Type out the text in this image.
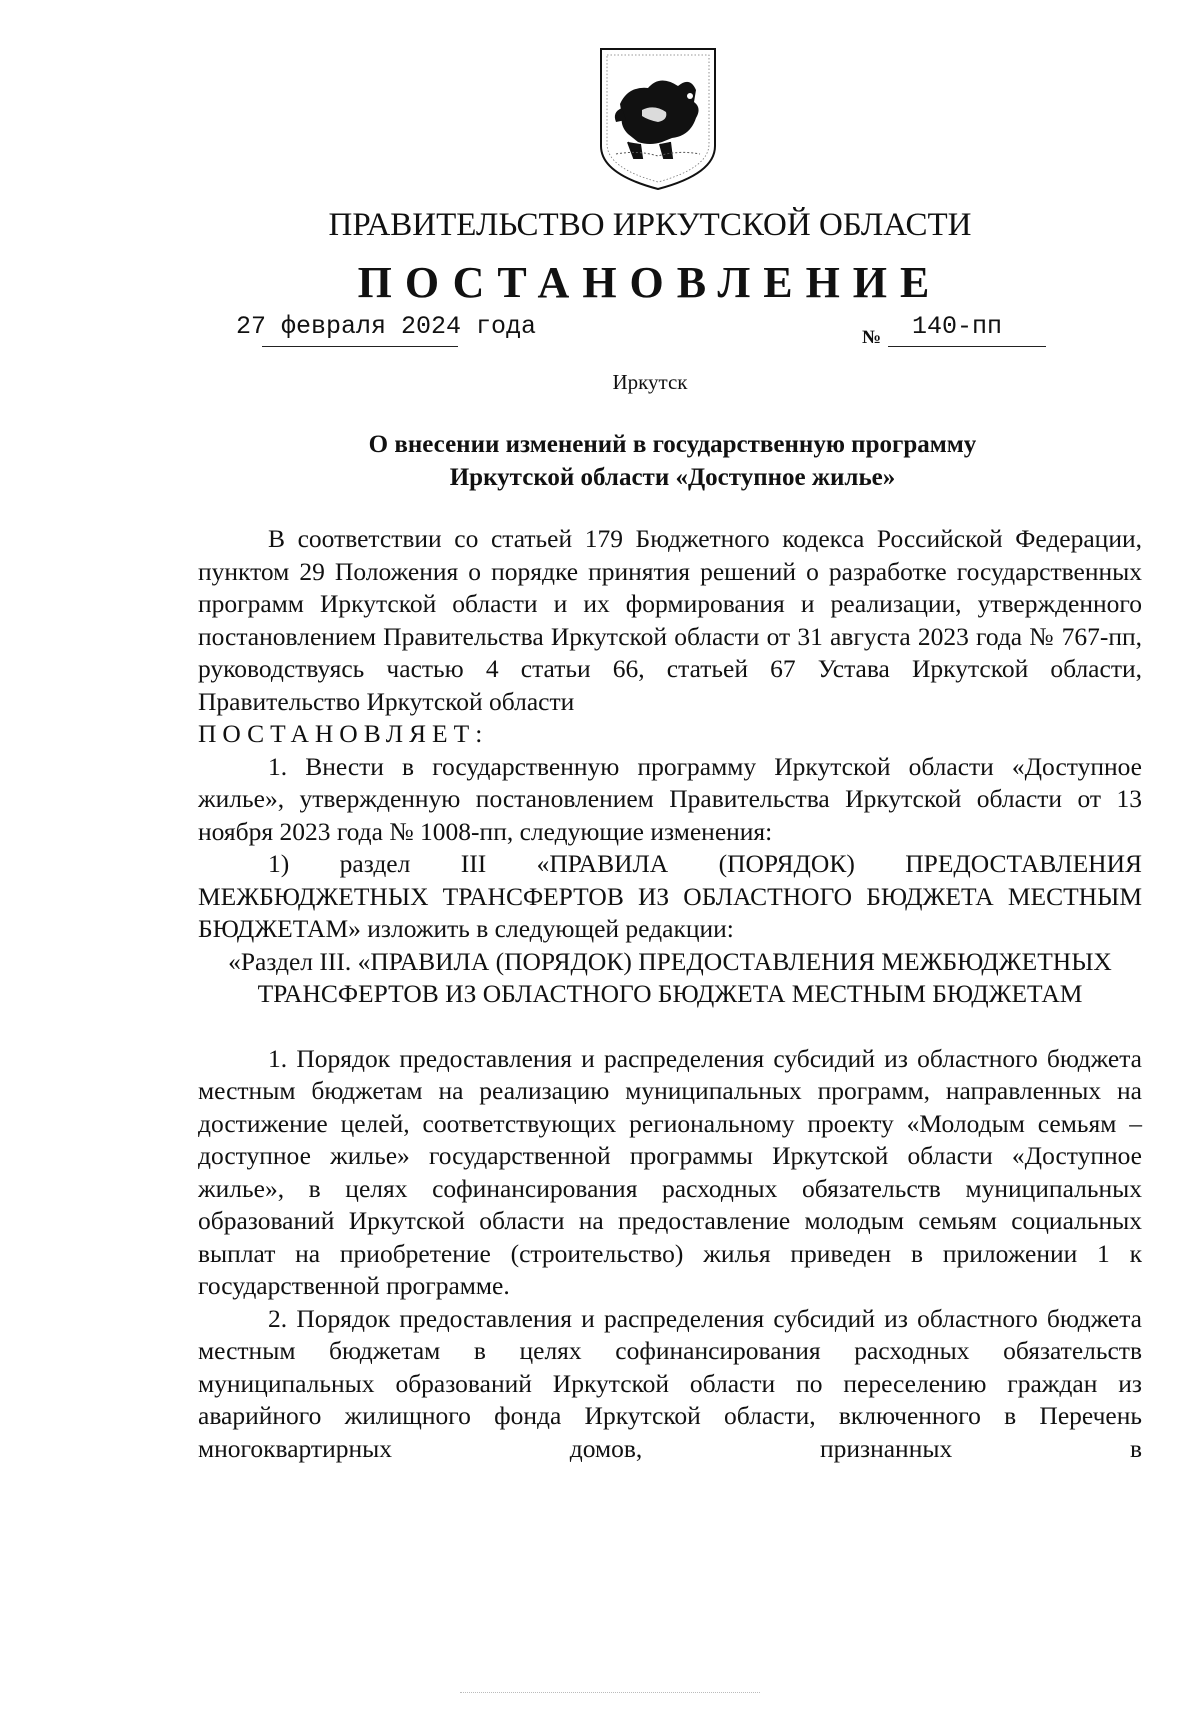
ПРАВИТЕЛЬСТВО ИРКУТСКОЙ ОБЛАСТИ
ПОСТАНОВЛЕНИЕ
27 февраля 2024 года	№ 140-пп
Иркутск
О внесении изменений в государственную программу
Иркутской области «Доступное жилье»

В соответствии со статьей 179 Бюджетного кодекса Российской Федерации, пунктом 29 Положения о порядке принятия решений о разработке государственных программ Иркутской области и их формирования и реализации, утвержденного постановлением Правительства Иркутской области от 31 августа 2023 года № 767-пп, руководствуясь частью 4 статьи 66, статьей 67 Устава Иркутской области, Правительство Иркутской области

ПОСТАНОВЛЯЕТ:

1. Внести в государственную программу Иркутской области «Доступное жилье», утвержденную постановлением Правительства Иркутской области от 13 ноября 2023 года № 1008-пп, следующие изменения:

1) раздел III «ПРАВИЛА (ПОРЯДОК) ПРЕДОСТАВЛЕНИЯ МЕЖБЮДЖЕТНЫХ ТРАНСФЕРТОВ ИЗ ОБЛАСТНОГО БЮДЖЕТА МЕСТНЫМ БЮДЖЕТАМ» изложить в следующей редакции:

«Раздел III. «ПРАВИЛА (ПОРЯДОК) ПРЕДОСТАВЛЕНИЯ МЕЖБЮДЖЕТНЫХ ТРАНСФЕРТОВ ИЗ ОБЛАСТНОГО БЮДЖЕТА МЕСТНЫМ БЮДЖЕТАМ

1. Порядок предоставления и распределения субсидий из областного бюджета местным бюджетам на реализацию муниципальных программ, направленных на достижение целей, соответствующих региональному проекту «Молодым семьям – доступное жилье» государственной программы Иркутской области «Доступное жилье», в целях софинансирования расходных обязательств муниципальных образований Иркутской области на предоставление молодым семьям социальных выплат на приобретение (строительство) жилья приведен в приложении 1 к государственной программе.

2. Порядок предоставления и распределения субсидий из областного бюджета местным бюджетам в целях софинансирования расходных обязательств муниципальных образований Иркутской области по переселению граждан из аварийного жилищного фонда Иркутской области, включенного в Перечень многоквартирных домов, признанных в
